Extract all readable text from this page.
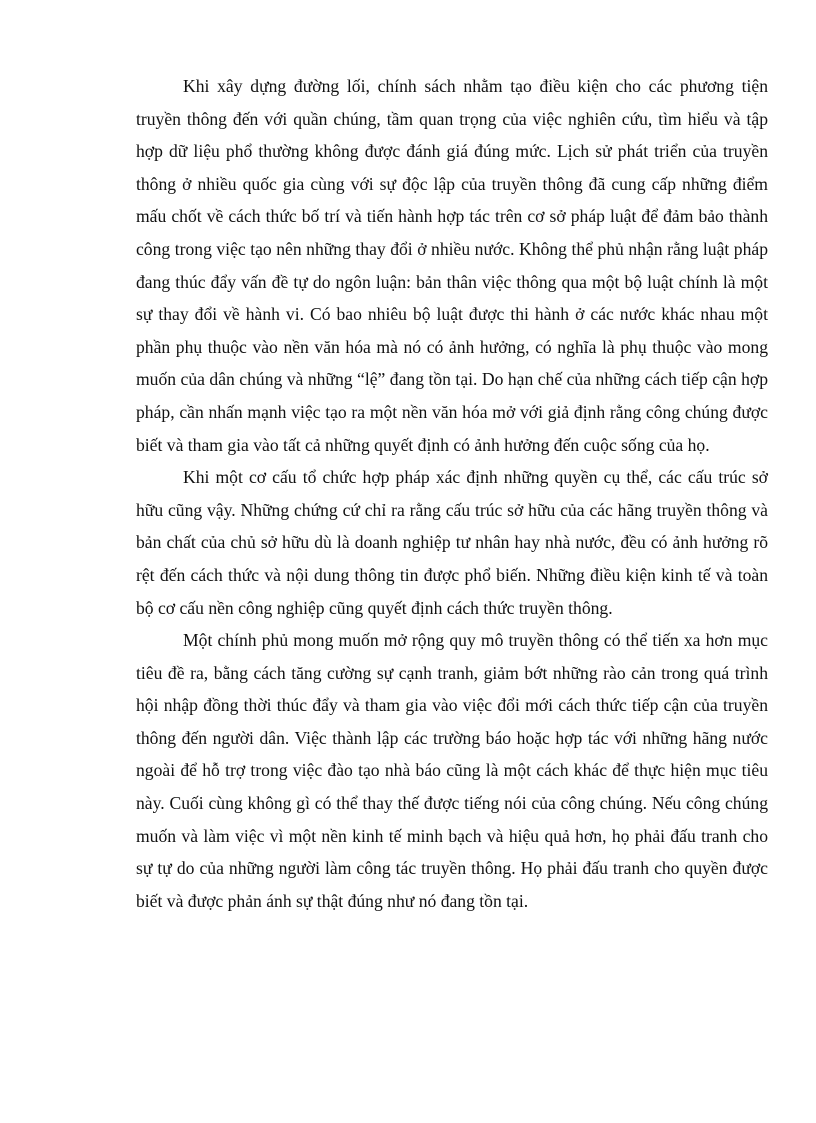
Khi xây dựng đường lối, chính sách nhằm tạo điều kiện cho các phương tiện truyền thông đến với quần chúng, tầm quan trọng của việc nghiên cứu, tìm hiểu và tập hợp dữ liệu phổ thường không được đánh giá đúng mức. Lịch sử phát triển của truyền thông ở nhiều quốc gia cùng với sự độc lập của truyền thông đã cung cấp những điểm mấu chốt về cách thức bố trí và tiến hành hợp tác trên cơ sở pháp luật để đảm bảo thành công trong việc tạo nên những thay đổi ở nhiều nước. Không thể phủ nhận rằng luật pháp đang thúc đẩy vấn đề tự do ngôn luận: bản thân việc thông qua một bộ luật chính là một sự thay đổi về hành vi. Có bao nhiêu bộ luật được thi hành ở các nước khác nhau một phần phụ thuộc vào nền văn hóa mà nó có ảnh hưởng, có nghĩa là phụ thuộc vào mong muốn của dân chúng và những “lệ” đang tồn tại. Do hạn chế của những cách tiếp cận hợp pháp, cần nhấn mạnh việc tạo ra một nền văn hóa mở với giả định rằng công chúng được biết và tham gia vào tất cả những quyết định có ảnh hưởng đến cuộc sống của họ.

Khi một cơ cấu tổ chức hợp pháp xác định những quyền cụ thể, các cấu trúc sở hữu cũng vậy. Những chứng cứ chỉ ra rằng cấu trúc sở hữu của các hãng truyền thông và bản chất của chủ sở hữu dù là doanh nghiệp tư nhân hay nhà nước, đều có ảnh hưởng rõ rệt đến cách thức và nội dung thông tin được phổ biến. Những điều kiện kinh tế và toàn bộ cơ cấu nền công nghiệp cũng quyết định cách thức truyền thông.

Một chính phủ mong muốn mở rộng quy mô truyền thông có thể tiến xa hơn mục tiêu đề ra, bằng cách tăng cường sự cạnh tranh, giảm bớt những rào cản trong quá trình hội nhập đồng thời thúc đẩy và tham gia vào việc đổi mới cách thức tiếp cận của truyền thông đến người dân. Việc thành lập các trường báo hoặc hợp tác với những hãng nước ngoài để hỗ trợ trong việc đào tạo nhà báo cũng là một cách khác để thực hiện mục tiêu này. Cuối cùng không gì có thể thay thế được tiếng nói của công chúng. Nếu công chúng muốn và làm việc vì một nền kinh tế minh bạch và hiệu quả hơn, họ phải đấu tranh cho sự tự do của những người làm công tác truyền thông. Họ phải đấu tranh cho quyền được biết và được phản ánh sự thật đúng như nó đang tồn tại.
